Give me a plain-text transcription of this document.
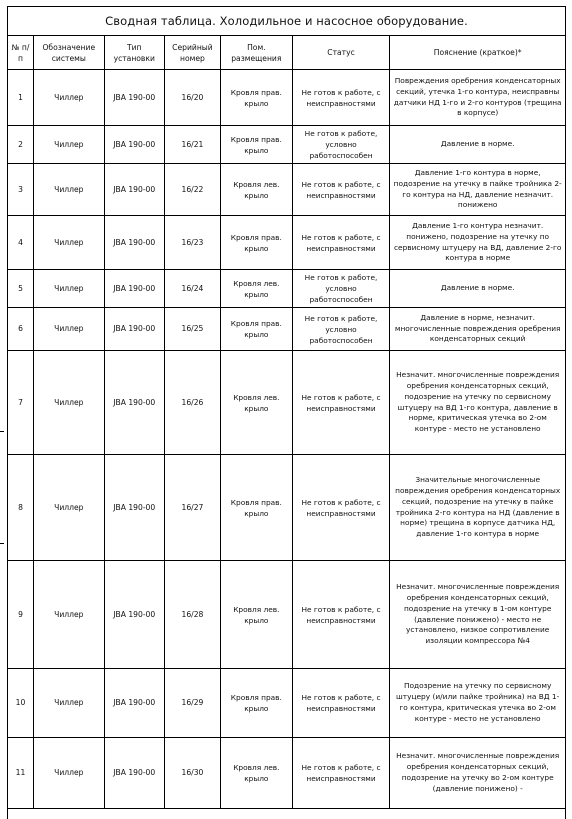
Сводная таблица. Холодильное и насосное оборудование.
№ п/п	Обозначение системы	Тип установки	Серийный номер	Пом. размещения	Статус	Пояснение (краткое)*
1	Чиллер	JBA 190-00	16/20	Кровля прав. крыло	Не готов к работе, с неисправностями	Повреждения оребрения конденсаторных секций, утечка 1-го контура, неисправны датчики НД 1-го и 2-го контуров (трещина в корпусе)
2	Чиллер	JBA 190-00	16/21	Кровля прав. крыло	Не готов к работе, условно работоспособен	Давление в норме.
3	Чиллер	JBA 190-00	16/22	Кровля лев. крыло	Не готов к работе, с неисправностями	Давление 1-го контура в норме, подозрение на утечку в пайке тройника 2-го контура на НД, давление незначит. понижено
4	Чиллер	JBA 190-00	16/23	Кровля прав. крыло	Не готов к работе, с неисправностями	Давление 1-го контура незначит. понижено, подозрение на утечку по сервисному штуцеру на ВД, давление 2-го контура в норме
5	Чиллер	JBA 190-00	16/24	Кровля лев. крыло	Не готов к работе, условно работоспособен	Давление в норме.
6	Чиллер	JBA 190-00	16/25	Кровля прав. крыло	Не готов к работе, условно работоспособен	Давление в норме, незначит. многочисленные повреждения оребрения конденсаторных секций
7	Чиллер	JBA 190-00	16/26	Кровля лев. крыло	Не готов к работе, с неисправностями	Незначит. многочисленные повреждения оребрения конденсаторных секций, подозрение на утечку по сервисному штуцеру на ВД 1-го контура, давление в норме, критическая утечка во 2-ом контуре - место не установлено
8	Чиллер	JBA 190-00	16/27	Кровля прав. крыло	Не готов к работе, с неисправностями	Значительные многочисленные повреждения оребрения конденсаторных секций, подозрение на утечку в пайке тройника 2-го контура на НД (давление в норме) трещина в корпусе датчика НД, давление 1-го контура в норме
9	Чиллер	JBA 190-00	16/28	Кровля лев. крыло	Не готов к работе, с неисправностями	Незначит. многочисленные повреждения оребрения конденсаторных секций, подозрение на утечку в 1-ом контуре (давление понижено) - место не установлено, низкое сопротивление изоляции компрессора №4
10	Чиллер	JBA 190-00	16/29	Кровля прав. крыло	Не готов к работе, с неисправностями	Подозрение на утечку по сервисному штуцеру (и/или пайке тройника) на ВД 1-го контура, критическая утечка во 2-ом контуре - место не установлено
11	Чиллер	JBA 190-00	16/30	Кровля лев. крыло	Не готов к работе, с неисправностями	Незначит. многочисленные повреждения оребрения конденсаторных секций, подозрение на утечку во 2-ом контуре (давление понижено) -
